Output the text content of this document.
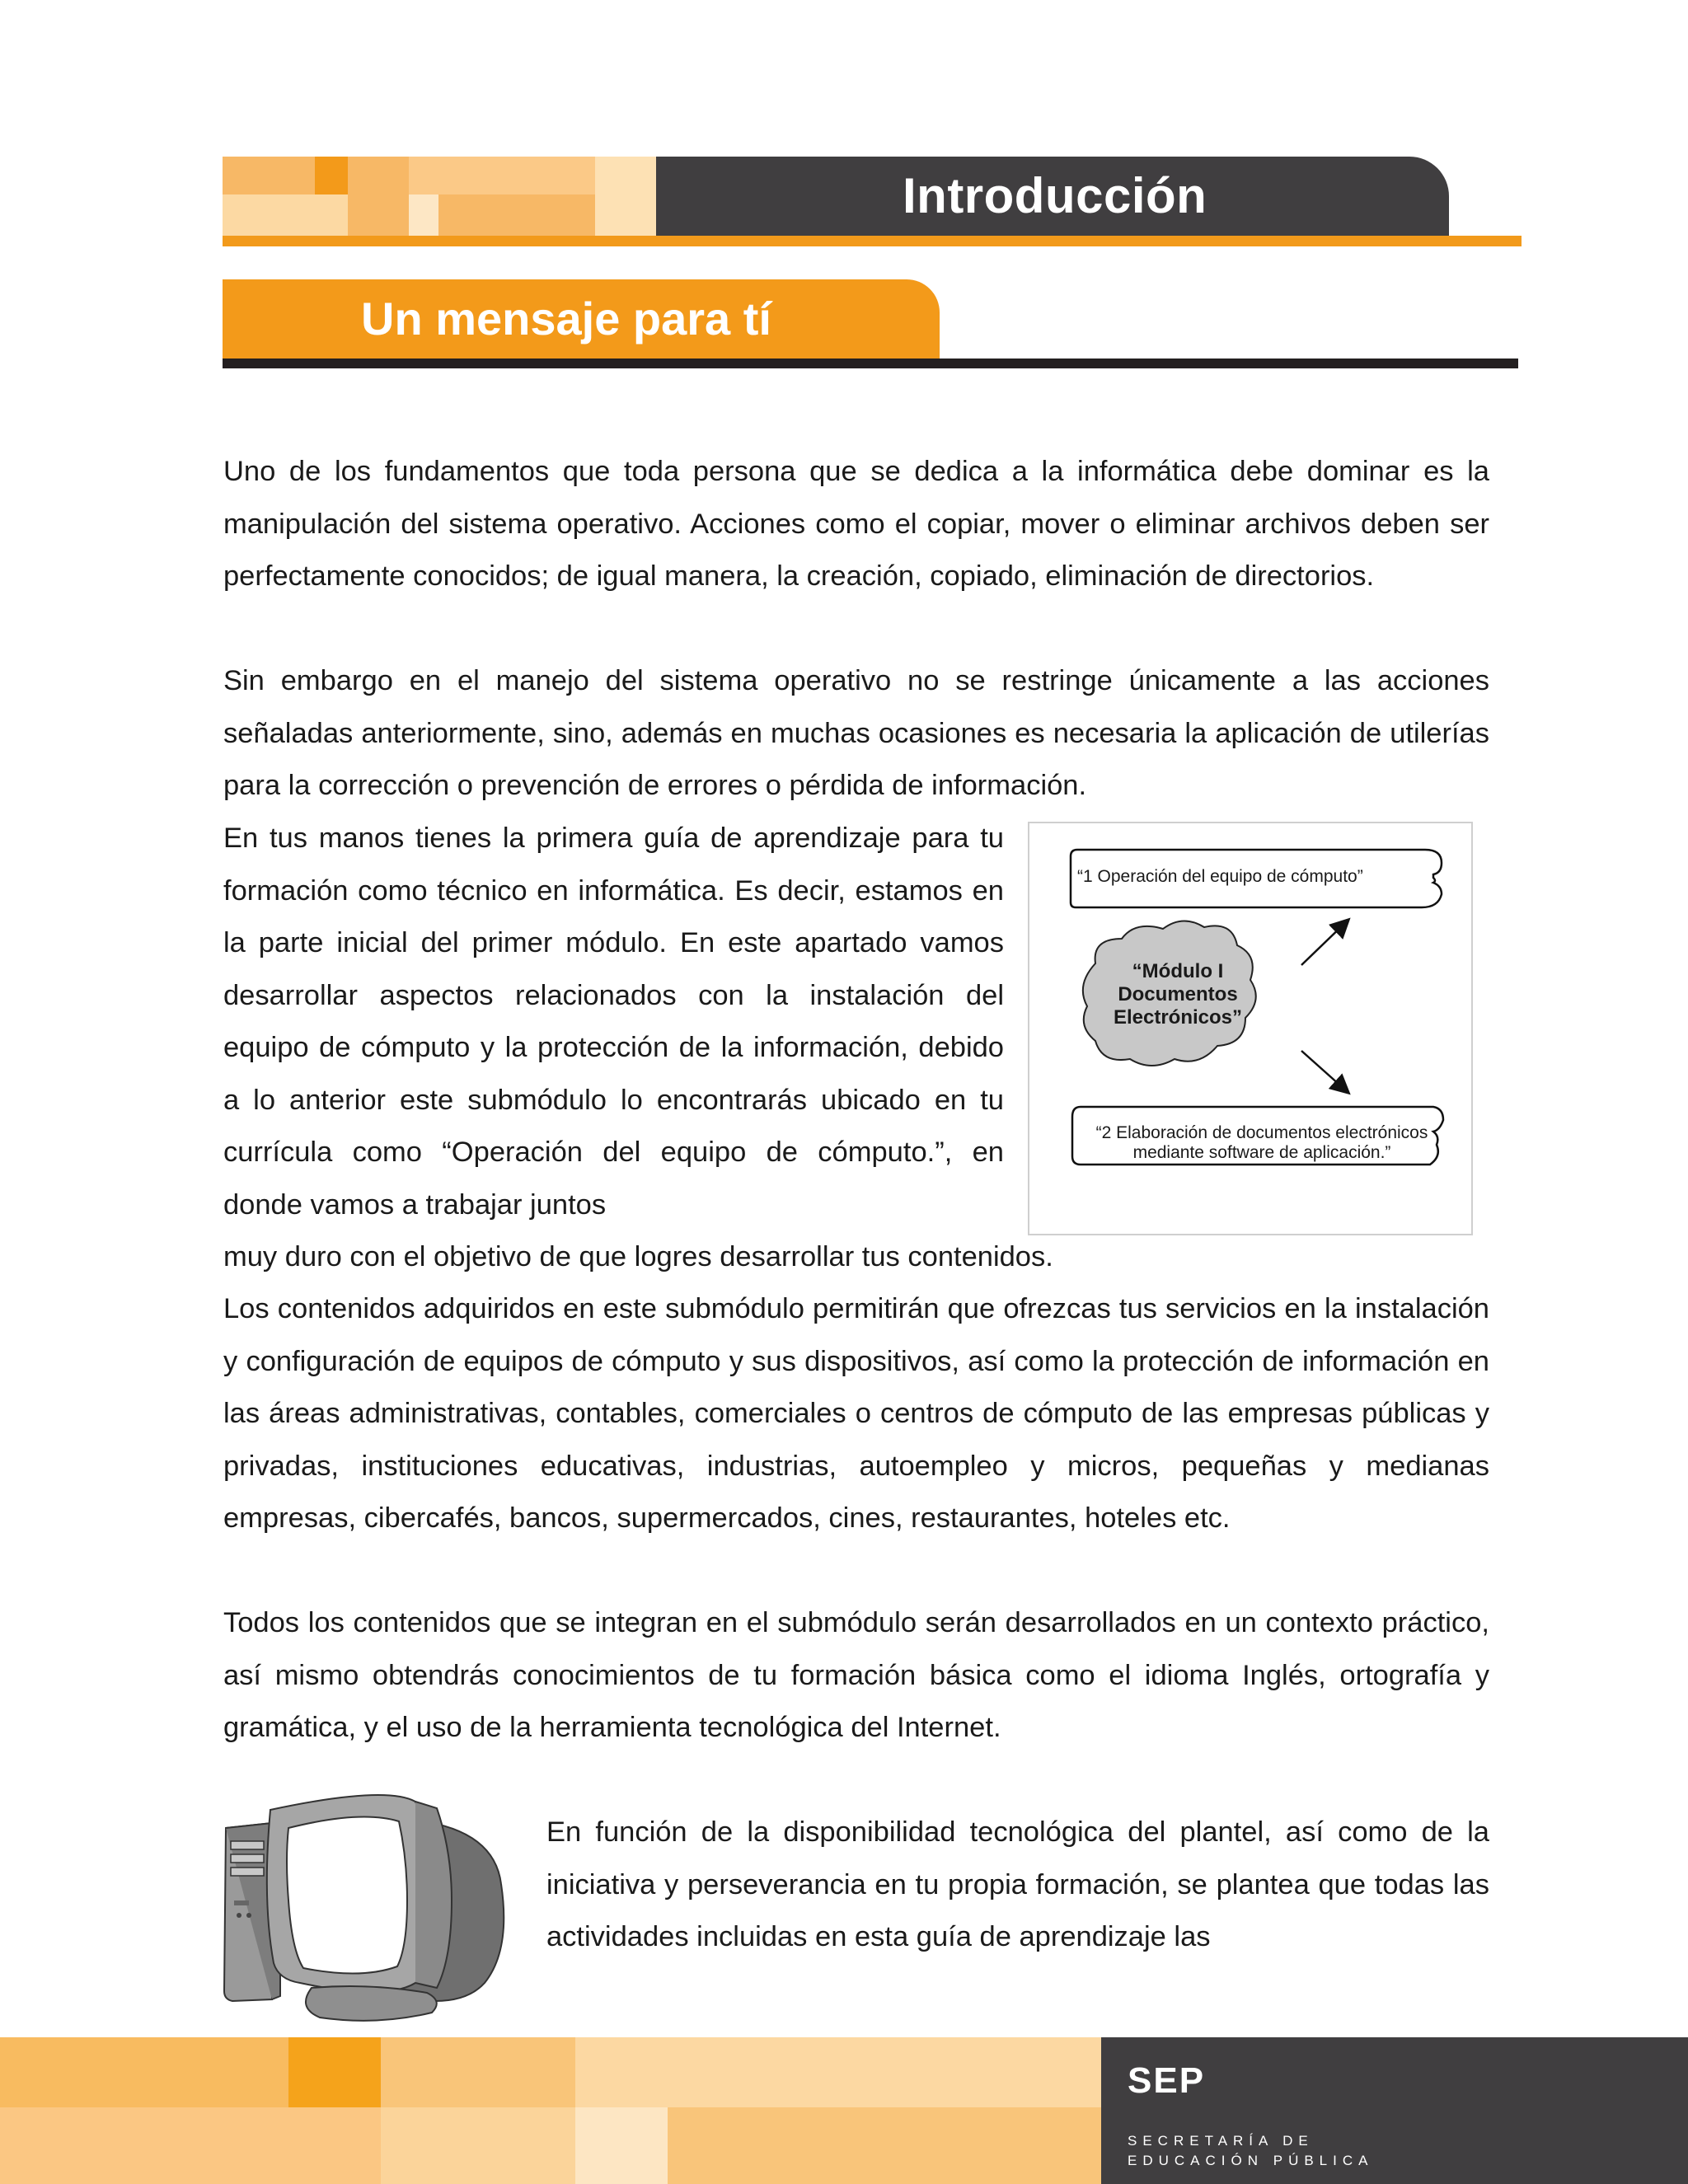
Introducción
Un mensaje para tí

Uno de los fundamentos que toda persona que se dedica a la informática debe dominar es la manipulación del sistema operativo. Acciones como el copiar, mover o eliminar archivos deben ser perfectamente conocidos; de igual manera, la creación, copiado, eliminación de directorios.

Sin embargo en el manejo del sistema operativo no se restringe únicamente a las acciones señaladas anteriormente, sino, además en muchas ocasiones es necesaria la aplicación de utilerías para la corrección o prevención de errores o pérdida de información.

En tus manos tienes la primera guía de aprendizaje para tu formación como técnico en informática. Es decir, estamos en la parte inicial del primer módulo. En este apartado vamos desarrollar aspectos relacionados con la instalación del equipo de cómputo y la protección de la información, debido a lo anterior este submódulo lo encontrarás ubicado en tu currícula como “Operación del equipo de cómputo.”, en donde vamos a trabajar juntos

muy duro con el objetivo de que logres desarrollar tus contenidos.

Los contenidos adquiridos en este submódulo permitirán que ofrezcas tus servicios en la instalación y configuración de equipos de cómputo y sus dispositivos, así como la protección de información en las áreas administrativas, contables, comerciales o centros de cómputo de las empresas públicas y privadas, instituciones educativas, industrias, autoempleo y micros, pequeñas y medianas empresas, cibercafés, bancos, supermercados, cines, restaurantes, hoteles etc.

Todos los contenidos que se integran en el submódulo serán desarrollados en un contexto práctico, así mismo obtendrás conocimientos de tu formación básica como el idioma Inglés, ortografía y gramática, y el uso de la herramienta tecnológica del Internet.

En función de la disponibilidad tecnológica del plantel, así como de la iniciativa y perseverancia en tu propia formación, se plantea que todas las actividades incluidas en esta guía de aprendizaje las

“1 Operación del equipo de cómputo”
“Módulo I
Documentos
Electrónicos”
“2 Elaboración de documentos electrónicos
mediante software de aplicación.”
SEP
SECRETARÍA DE
EDUCACIÓN PÚBLICA
